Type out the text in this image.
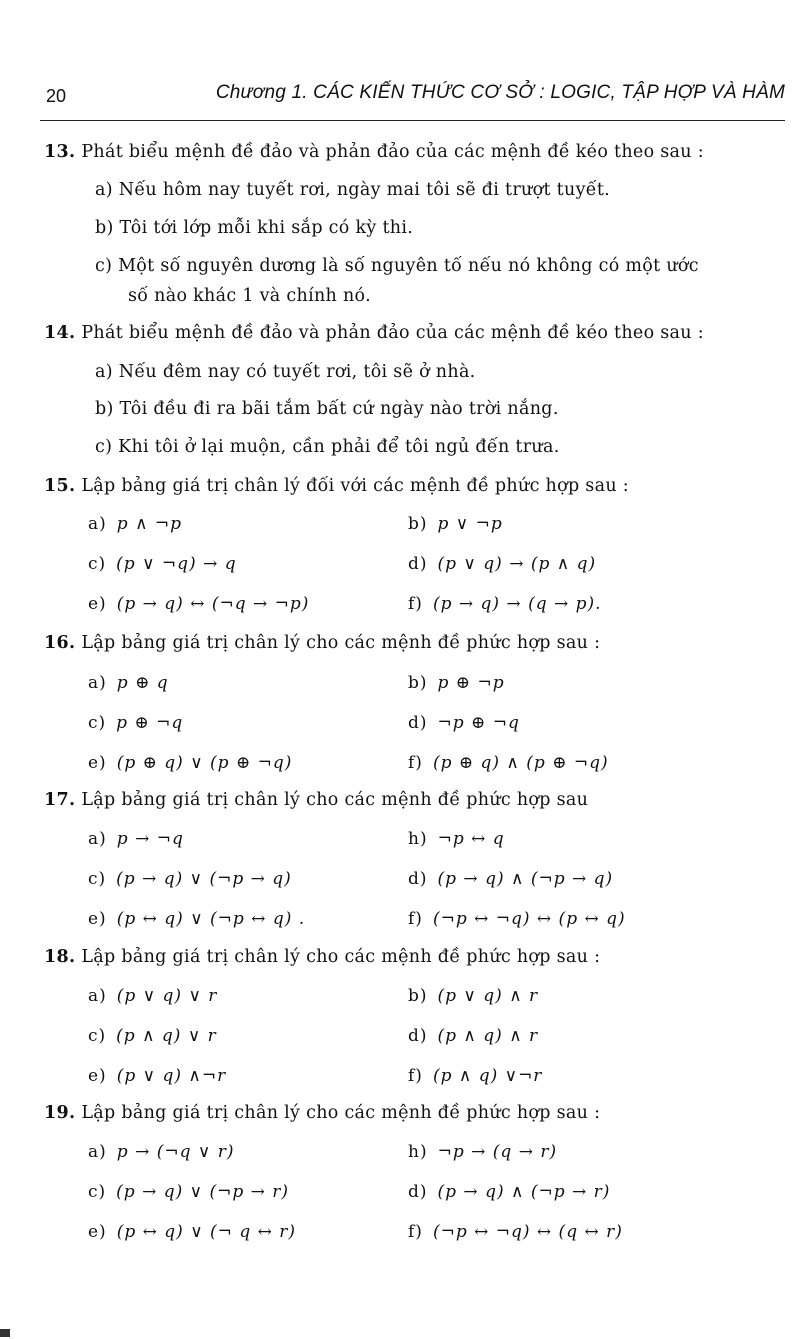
20	Chương 1. CÁC KIẾN THỨC CƠ SỞ : LOGIC, TẬP HỢP VÀ HÀM
13. Phát biểu mệnh đề đảo và phản đảo của các mệnh đề kéo theo sau :
a) Nếu hôm nay tuyết rơi, ngày mai tôi sẽ đi trượt tuyết.
b) Tôi tới lớp mỗi khi sắp có kỳ thi.
c) Một số nguyên dương là số nguyên tố nếu nó không có một ước
số nào khác 1 và chính nó.
14. Phát biểu mệnh đề đảo và phản đảo của các mệnh đề kéo theo sau :
a) Nếu đêm nay có tuyết rơi, tôi sẽ ở nhà.
b) Tôi đều đi ra bãi tắm bất cứ ngày nào trời nắng.
c) Khi tôi ở lại muộn, cần phải để tôi ngủ đến trưa.
15. Lập bảng giá trị chân lý đối với các mệnh đề phức hợp sau :
a) p ∧ ¬p	b) p ∨ ¬p
c) (p ∨ ¬q) → q	d) (p ∨ q) → (p ∧ q)
e) (p → q) ↔ (¬q → ¬p)	f) (p → q) → (q → p).
16. Lập bảng giá trị chân lý cho các mệnh đề phức hợp sau :
a) p ⊕ q	b) p ⊕ ¬p
c) p ⊕ ¬q	d) ¬p ⊕ ¬q
e) (p ⊕ q) ∨ (p ⊕ ¬q)	f) (p ⊕ q) ∧ (p ⊕ ¬q)
17. Lập bảng giá trị chân lý cho các mệnh đề phức hợp sau
a) p → ¬q	h) ¬p ↔ q
c) (p → q) ∨ (¬p → q)	d) (p → q) ∧ (¬p → q)
e) (p ↔ q) ∨ (¬p ↔ q) .	f) (¬p ↔ ¬q) ↔ (p ↔ q)
18. Lập bảng giá trị chân lý cho các mệnh đề phức hợp sau :
a) (p ∨ q) ∨ r	b) (p ∨ q) ∧ r
c) (p ∧ q) ∨ r	d) (p ∧ q) ∧ r
e) (p ∨ q) ∧¬r	f) (p ∧ q) ∨¬r
19. Lập bảng giá trị chân lý cho các mệnh đề phức hợp sau :
a) p → (¬q ∨ r)	h) ¬p → (q → r)
c) (p → q) ∨ (¬p → r)	d) (p → q) ∧ (¬p → r)
e) (p ↔ q) ∨ (¬ q ↔ r)	f) (¬p ↔ ¬q) ↔ (q ↔ r)
